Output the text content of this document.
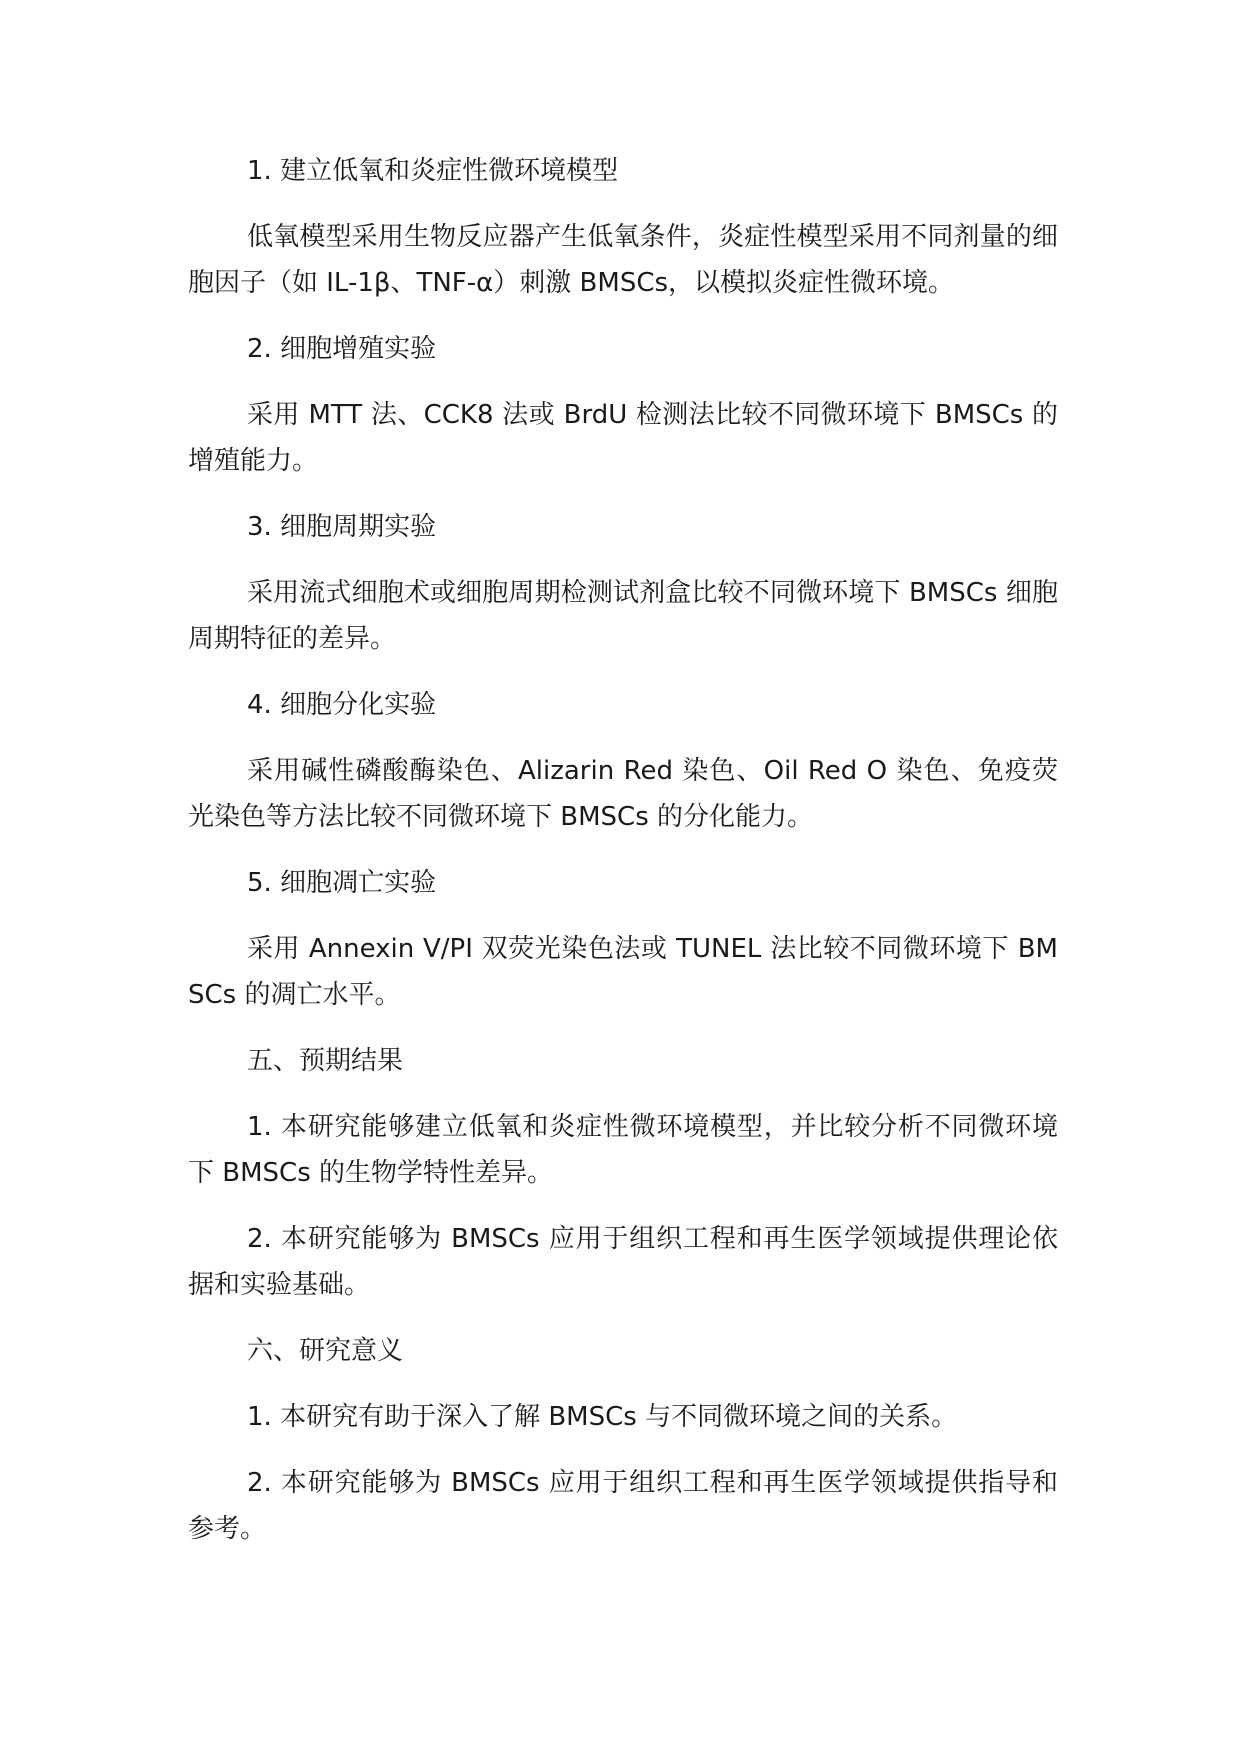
1. 建立低氧和炎症性微环境模型

低氧模型采用生物反应器产生低氧条件，炎症性模型采用不同剂量的细胞因子（如 IL-1β、TNF-α）刺激 BMSCs，以模拟炎症性微环境。

2. 细胞增殖实验

采用 MTT 法、CCK8 法或 BrdU 检测法比较不同微环境下 BMSCs 的增殖能力。

3. 细胞周期实验

采用流式细胞术或细胞周期检测试剂盒比较不同微环境下 BMSCs 细胞周期特征的差异。

4. 细胞分化实验

采用碱性磷酸酶染色、Alizarin Red 染色、Oil Red O 染色、免疫荧光染色等方法比较不同微环境下 BMSCs 的分化能力。

5. 细胞凋亡实验

采用 Annexin V/PI 双荧光染色法或 TUNEL 法比较不同微环境下 BMSCs 的凋亡水平。

五、预期结果

1. 本研究能够建立低氧和炎症性微环境模型，并比较分析不同微环境下 BMSCs 的生物学特性差异。

2. 本研究能够为 BMSCs 应用于组织工程和再生医学领域提供理论依据和实验基础。

六、研究意义

1. 本研究有助于深入了解 BMSCs 与不同微环境之间的关系。

2. 本研究能够为 BMSCs 应用于组织工程和再生医学领域提供指导和参考。
